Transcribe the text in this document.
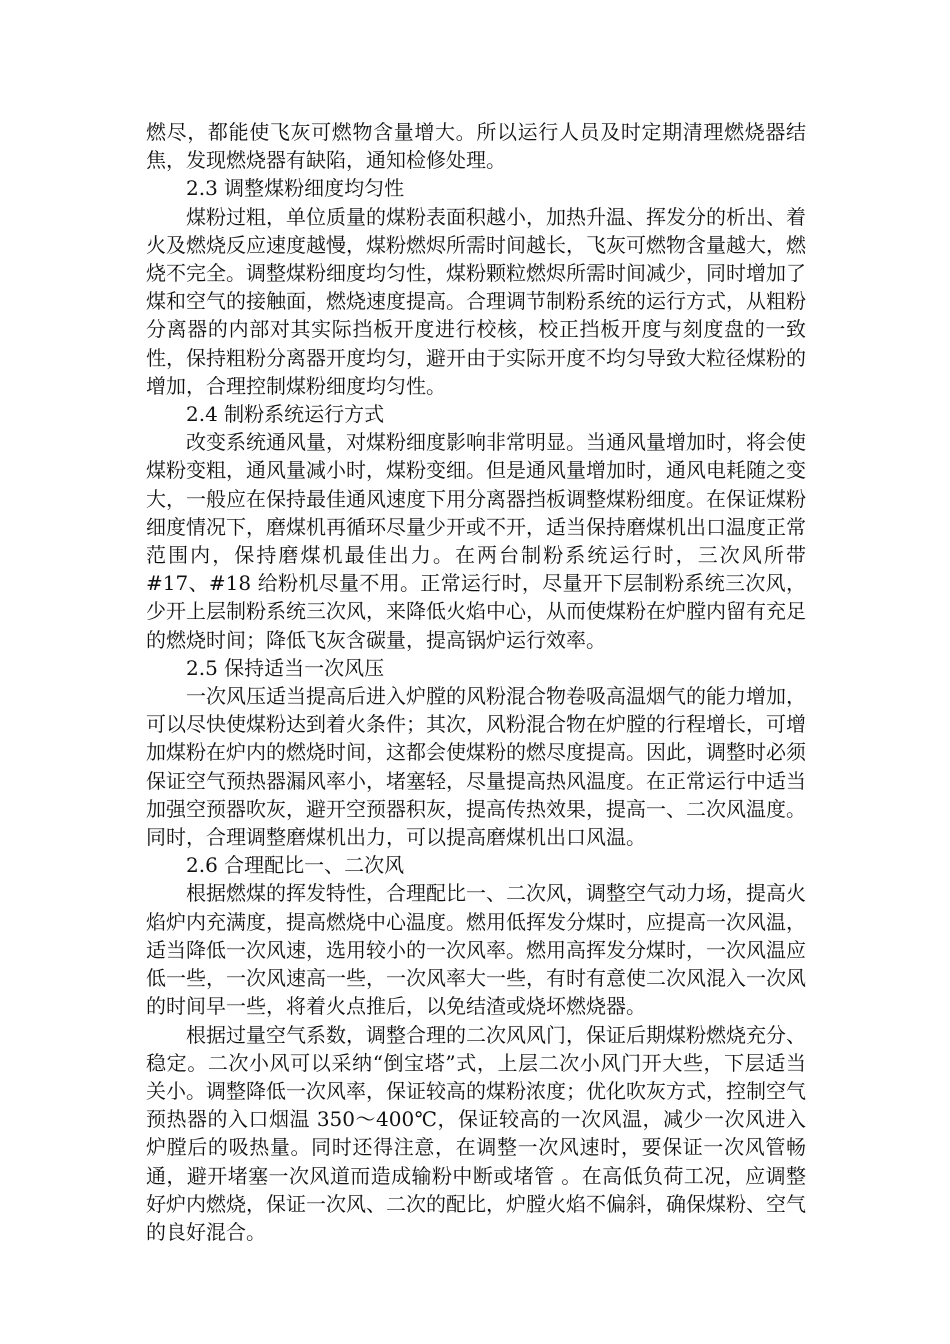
燃尽，都能使飞灰可燃物含量增大。所以运行人员及时定期清理燃烧器结焦，发现燃烧器有缺陷，通知检修处理。

2.3 调整煤粉细度均匀性

煤粉过粗，单位质量的煤粉表面积越小，加热升温、挥发分的析出、着火及燃烧反应速度越慢，煤粉燃烬所需时间越长，飞灰可燃物含量越大，燃烧不完全。调整煤粉细度均匀性，煤粉颗粒燃烬所需时间减少，同时增加了煤和空气的接触面，燃烧速度提高。合理调节制粉系统的运行方式，从粗粉分离器的内部对其实际挡板开度进行校核，校正挡板开度与刻度盘的一致性，保持粗粉分离器开度均匀，避开由于实际开度不均匀导致大粒径煤粉的增加，合理控制煤粉细度均匀性。

2.4 制粉系统运行方式

改变系统通风量，对煤粉细度影响非常明显。当通风量增加时，将会使煤粉变粗，通风量减小时，煤粉变细。但是通风量增加时，通风电耗随之变大，一般应在保持最佳通风速度下用分离器挡板调整煤粉细度。在保证煤粉细度情况下，磨煤机再循环尽量少开或不开，适当保持磨煤机出口温度正常范围内，保持磨煤机最佳出力。在两台制粉系统运行时，三次风所带#17、#18 给粉机尽量不用。正常运行时，尽量开下层制粉系统三次风，少开上层制粉系统三次风，来降低火焰中心，从而使煤粉在炉膛内留有充足的燃烧时间；降低飞灰含碳量，提高锅炉运行效率。

2.5 保持适当一次风压

一次风压适当提高后进入炉膛的风粉混合物卷吸高温烟气的能力增加，可以尽快使煤粉达到着火条件；其次，风粉混合物在炉膛的行程增长，可增加煤粉在炉内的燃烧时间，这都会使煤粉的燃尽度提高。因此，调整时必须保证空气预热器漏风率小，堵塞轻，尽量提高热风温度。在正常运行中适当加强空预器吹灰，避开空预器积灰，提高传热效果，提高一、二次风温度。同时，合理调整磨煤机出力，可以提高磨煤机出口风温。

2.6 合理配比一、二次风

根据燃煤的挥发特性，合理配比一、二次风，调整空气动力场，提高火焰炉内充满度，提高燃烧中心温度。燃用低挥发分煤时，应提高一次风温，适当降低一次风速，选用较小的一次风率。燃用高挥发分煤时，一次风温应低一些，一次风速高一些，一次风率大一些，有时有意使二次风混入一次风的时间早一些，将着火点推后，以免结渣或烧坏燃烧器。

根据过量空气系数，调整合理的二次风风门，保证后期煤粉燃烧充分、稳定。二次小风可以采纳“倒宝塔”式，上层二次小风门开大些，下层适当关小。调整降低一次风率，保证较高的煤粉浓度；优化吹灰方式，控制空气预热器的入口烟温 350～400℃，保证较高的一次风温，减少一次风进入炉膛后的吸热量。同时还得注意，在调整一次风速时，要保证一次风管畅通，避开堵塞一次风道而造成输粉中断或堵管 。在高低负荷工况，应调整好炉内燃烧，保证一次风、二次的配比，炉膛火焰不偏斜，确保煤粉、空气的良好混合。
